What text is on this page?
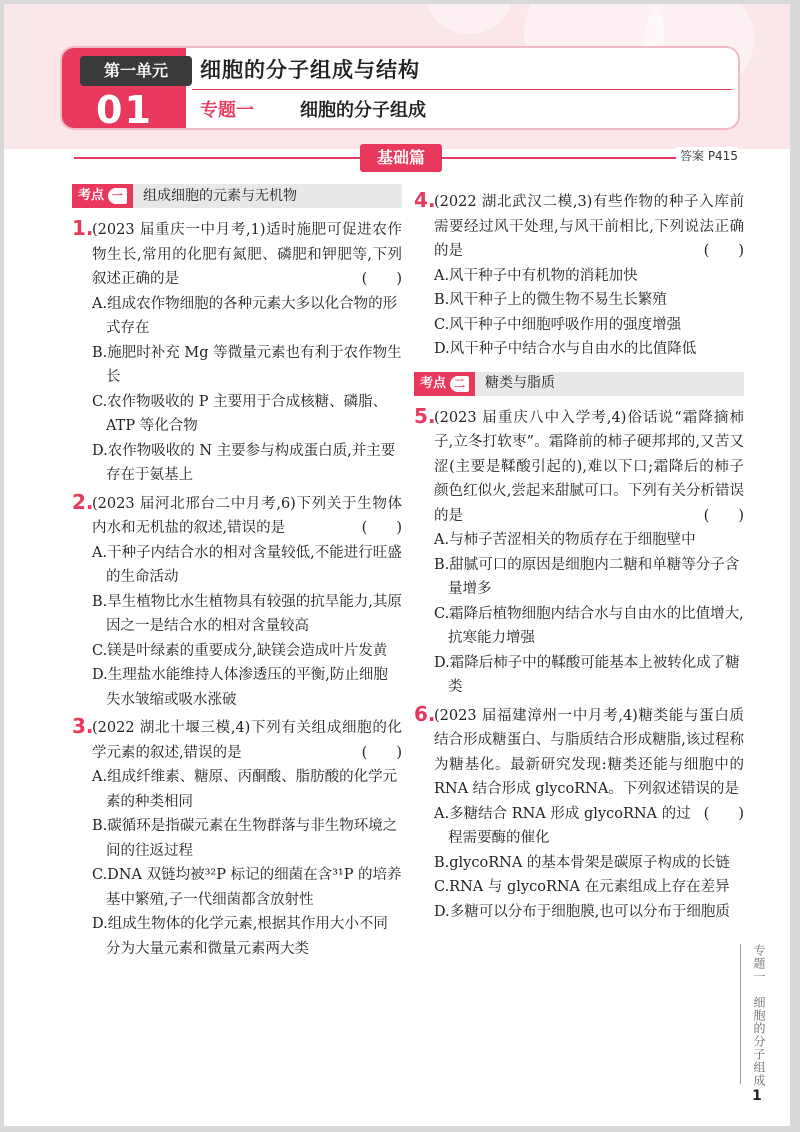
第一单元	细胞的分子组成与结构
01	专题一	细胞的分子组成
基础篇	答案 P415
考点 一 组成细胞的元素与无机物
1.
(2023 届重庆一中月考,1)适时施肥可促进农作物生长,常用的化肥有氮肥、磷肥和钾肥等,下列叙述正确的是	(　　)
A.组成农作物细胞的各种元素大多以化合物的形式存在
B.施肥时补充 Mg 等微量元素也有利于农作物生长
C.农作物吸收的 P 主要用于合成核糖、磷脂、ATP 等化合物
D.农作物吸收的 N 主要参与构成蛋白质,并主要存在于氨基上
2.
(2023 届河北邢台二中月考,6)下列关于生物体内水和无机盐的叙述,错误的是	(　　)
A.干种子内结合水的相对含量较低,不能进行旺盛的生命活动
B.旱生植物比水生植物具有较强的抗旱能力,其原因之一是结合水的相对含量较高
C.镁是叶绿素的重要成分,缺镁会造成叶片发黄
D.生理盐水能维持人体渗透压的平衡,防止细胞失水皱缩或吸水涨破
3.
(2022 湖北十堰三模,4)下列有关组成细胞的化学元素的叙述,错误的是	(　　)
A.组成纤维素、糖原、丙酮酸、脂肪酸的化学元素的种类相同
B.碳循环是指碳元素在生物群落与非生物环境之间的往返过程
C.DNA 双链均被³²P 标记的细菌在含³¹P 的培养基中繁殖,子一代细菌都含放射性
D.组成生物体的化学元素,根据其作用大小不同分为大量元素和微量元素两大类
4.
(2022 湖北武汉二模,3)有些作物的种子入库前需要经过风干处理,与风干前相比,下列说法正确的是	(　　)
A.风干种子中有机物的消耗加快
B.风干种子上的微生物不易生长繁殖
C.风干种子中细胞呼吸作用的强度增强
D.风干种子中结合水与自由水的比值降低
考点 二 糖类与脂质
5.
(2023 届重庆八中入学考,4)俗话说“霜降摘柿子,立冬打软枣”。霜降前的柿子硬邦邦的,又苦又涩(主要是鞣酸引起的),难以下口;霜降后的柿子颜色红似火,尝起来甜腻可口。下列有关分析错误的是	(　　)
A.与柿子苦涩相关的物质存在于细胞壁中
B.甜腻可口的原因是细胞内二糖和单糖等分子含量增多
C.霜降后植物细胞内结合水与自由水的比值增大,抗寒能力增强
D.霜降后柿子中的鞣酸可能基本上被转化成了糖类
6.
(2023 届福建漳州一中月考,4)糖类能与蛋白质结合形成糖蛋白、与脂质结合形成糖脂,该过程称为糖基化。最新研究发现:糖类还能与细胞中的 RNA 结合形成 glycoRNA。下列叙述错误的是
(　　)
A.多糖结合 RNA 形成 glycoRNA 的过程需要酶的催化
B.glycoRNA 的基本骨架是碳原子构成的长链
C.RNA 与 glycoRNA 在元素组成上存在差异
D.多糖可以分布于细胞膜,也可以分布于细胞质
专题一　细胞的分子组成
1
